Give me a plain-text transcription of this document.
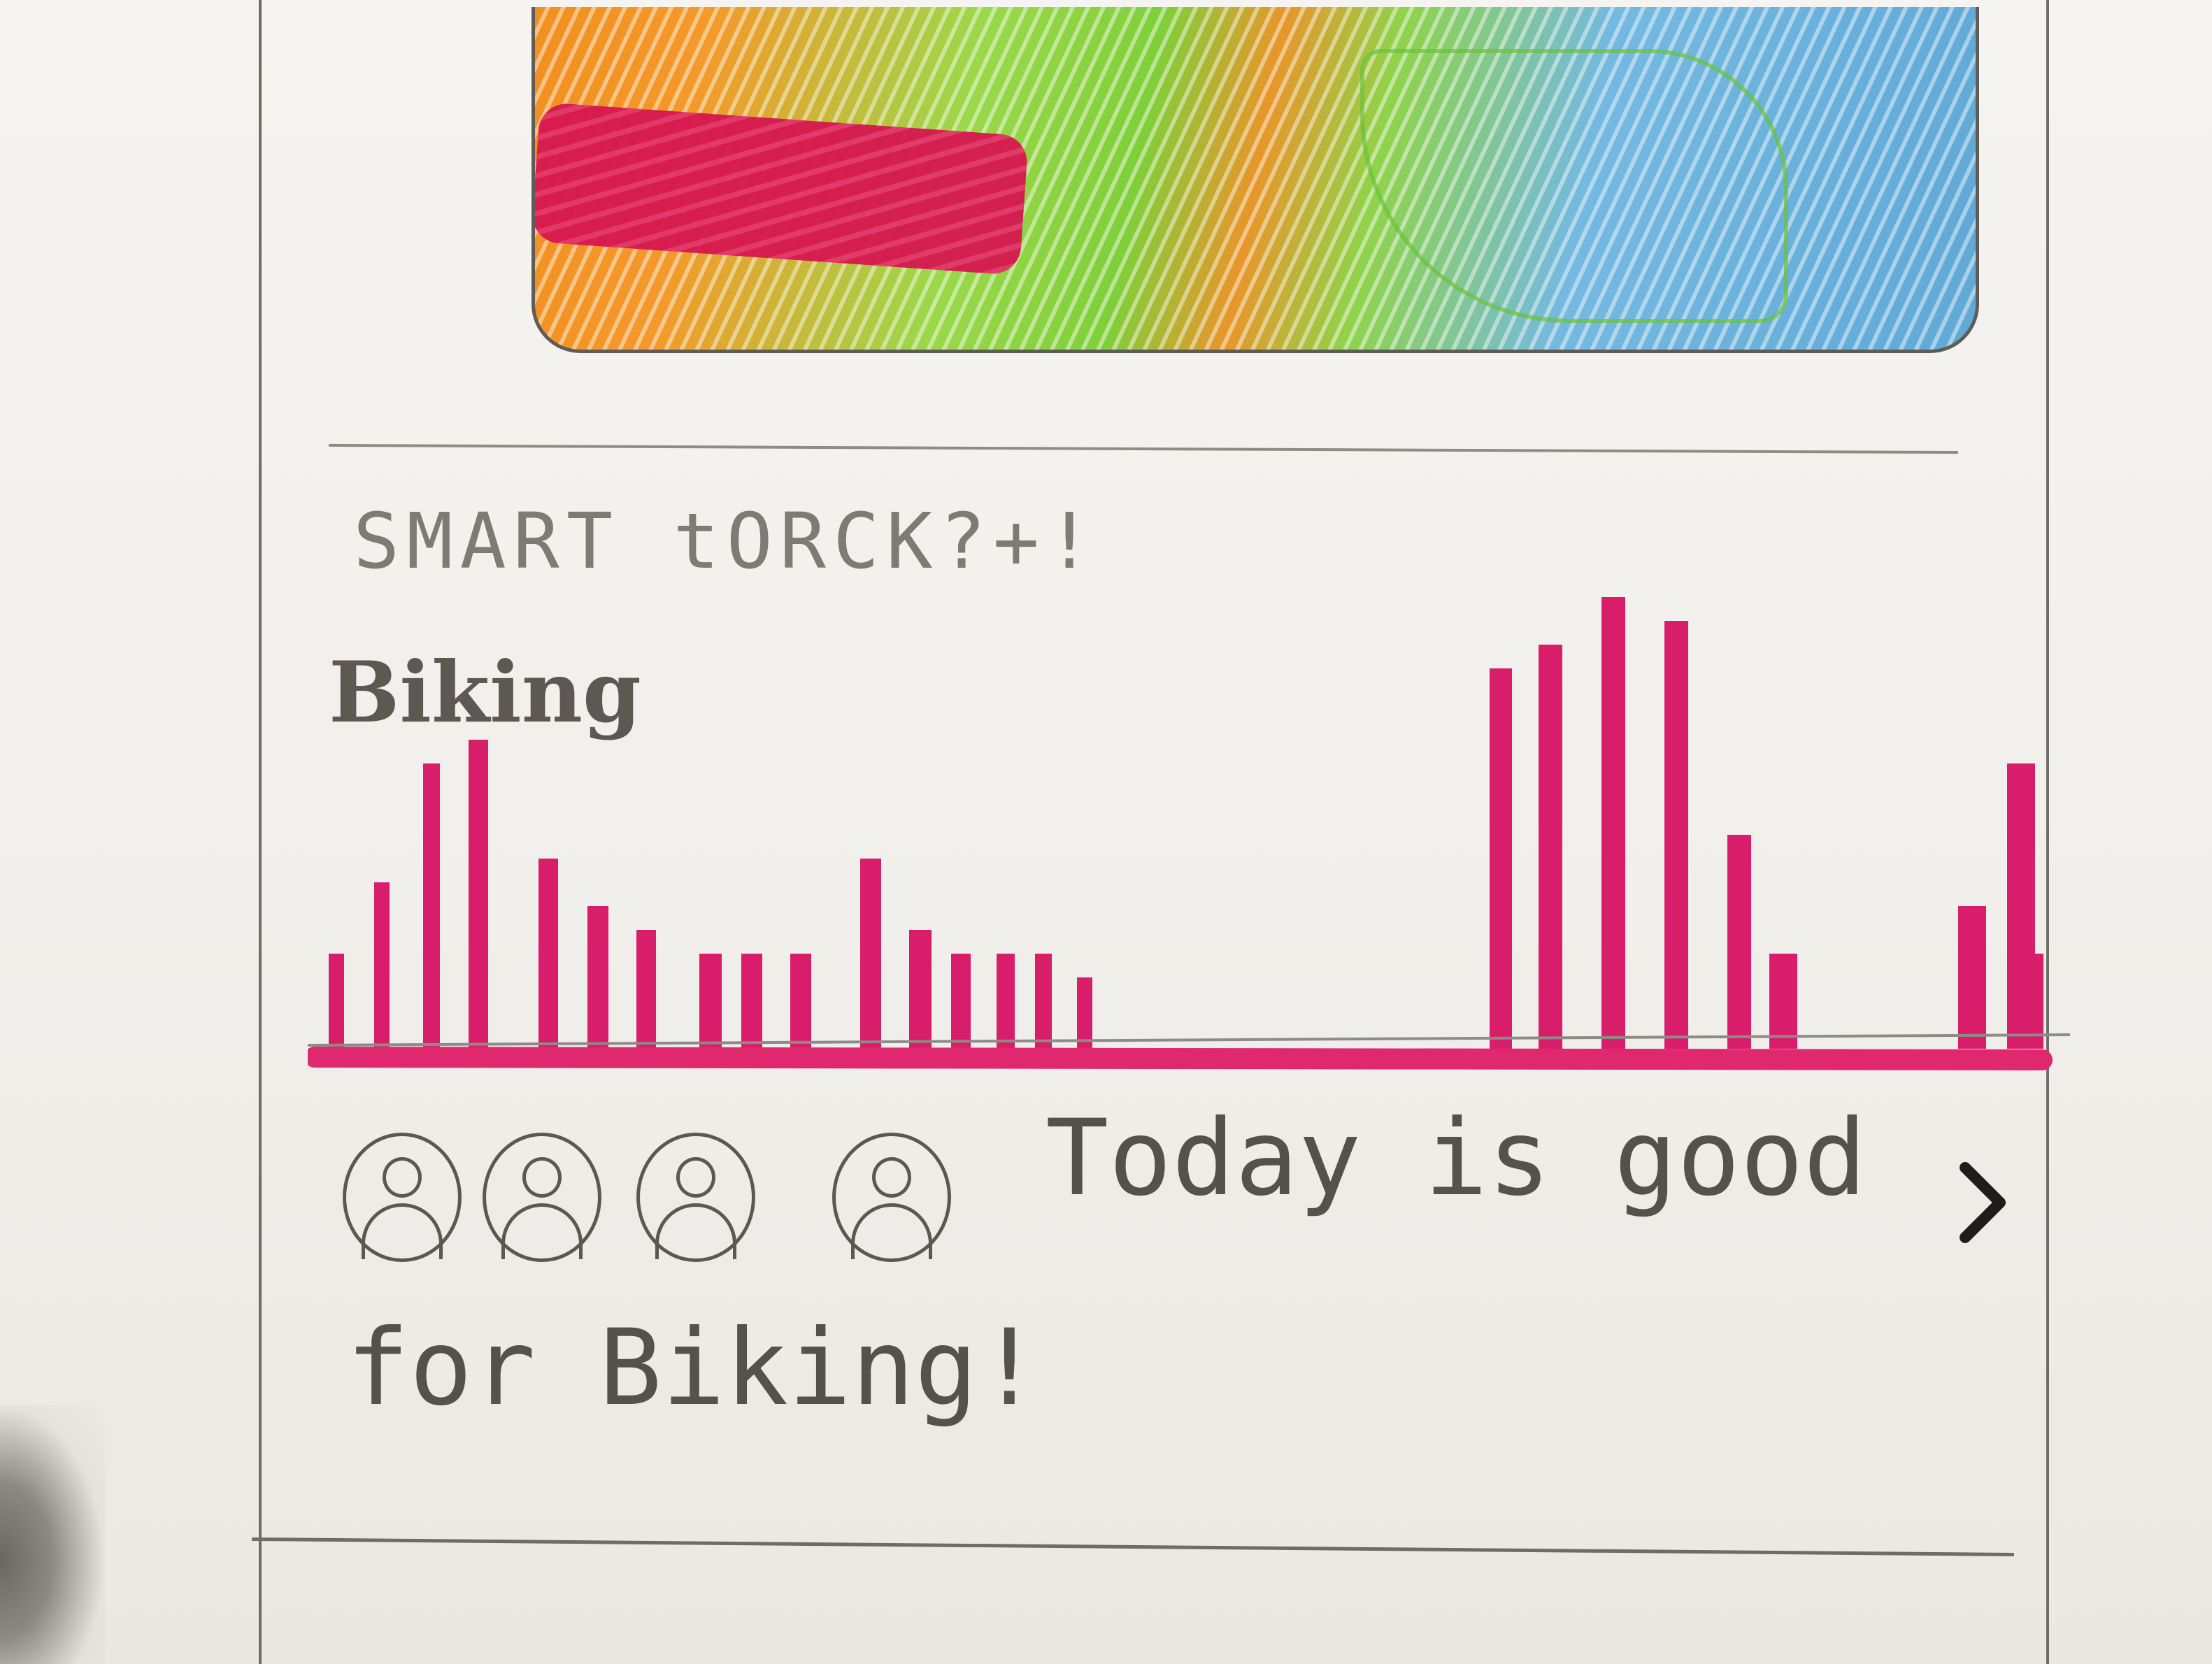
SMART tORCK?+!
Biking
Today is good
for Biking!
